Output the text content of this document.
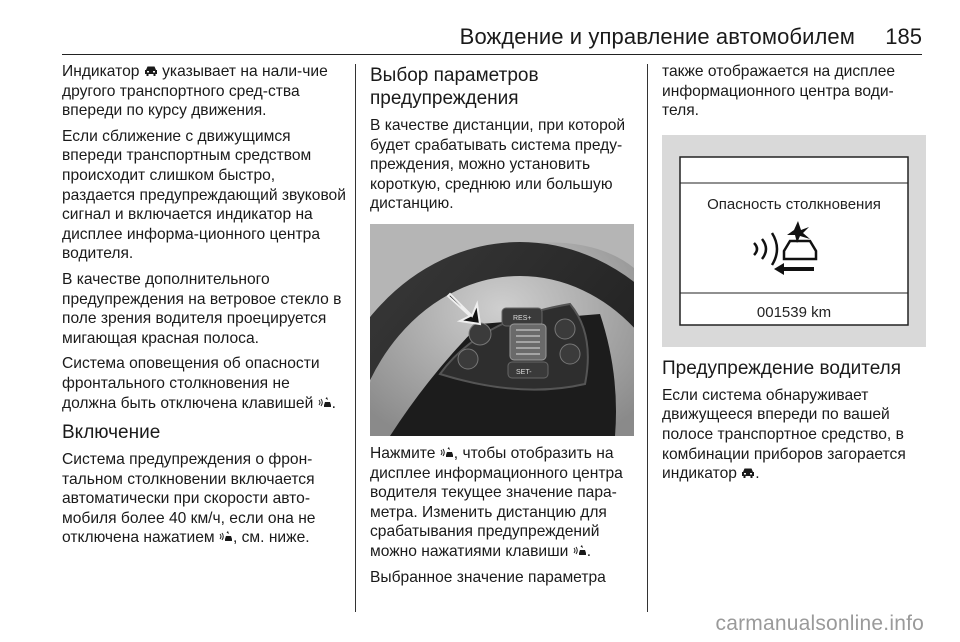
Вождение и управление автомобилем 185

Индикатор  указывает на нали-чие другого транспортного сред-ства впереди по курсу движения.

Если сближение с движущимся впереди транспортным средством происходит слишком быстро, раздается предупреждающий звуковой сигнал и включается индикатор на дисплее информа-ционного центра водителя.

В качестве дополнительного предупреждения на ветровое стекло в поле зрения водителя проецируется мигающая красная полоса.

Система оповещения об опасности фронтального столкновения не должна быть отключена клавишей .

Включение

Система предупреждения о фрон-тальном столкновении включается автоматически при скорости авто-мобиля более 40 км/ч, если она не отключена нажатием , см. ниже.

Выбор параметров предупреждения

В качестве дистанции, при которой будет срабатывать система преду-преждения, можно установить короткую, среднюю или большую дистанцию.

RES+
SET-

Нажмите , чтобы отобразить на дисплее информационного центра водителя текущее значение пара-метра. Изменить дистанцию для срабатывания предупреждений можно нажатиями клавиши .

Выбранное значение параметра

также отображается на дисплее информационного центра води-теля.

Опасность столкновения
001539 km
Предупреждение водителя

Если система обнаруживает движущееся впереди по вашей полосе транспортное средство, в комбинации приборов загорается индикатор .

carmanualsonline.info
